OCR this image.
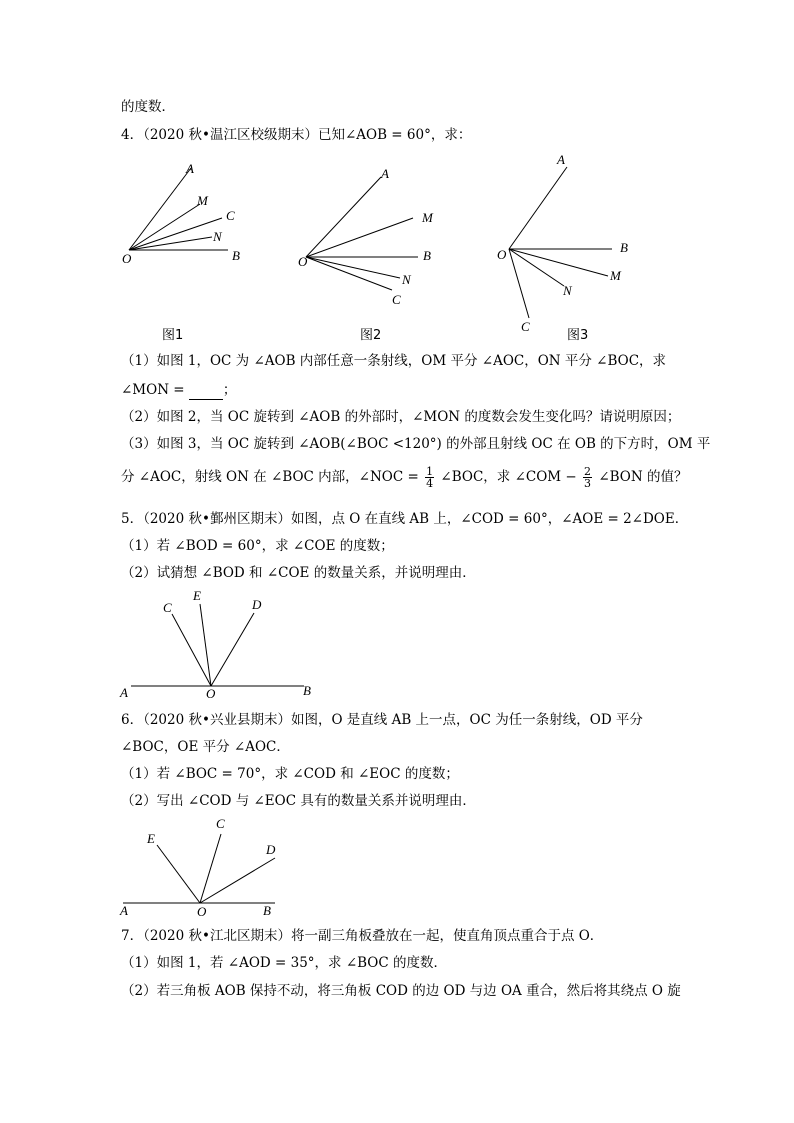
的度数．
4．（2020 秋•温江区校级期末）已知∠AOB = 60°，求：
A
M
C
N
O	B
图1
A
M
B
N
C
O
图2
A
B
M
N
C
O
图3
C
E
D
A	O	B
E
C
D
A	O	B
（1）如图 1，OC 为 ∠AOB 内部任意一条射线，OM 平分 ∠AOC，ON 平分 ∠BOC，求
∠MON =	；
（2）如图 2，当 OC 旋转到 ∠AOB 的外部时，∠MON 的度数会发生变化吗？请说明原因；
（3）如图 3，当 OC 旋转到 ∠AOB(∠BOC <120°) 的外部且射线 OC 在 OB 的下方时，OM 平
分 ∠AOC，射线 ON 在 ∠BOC 内部，∠NOC = $\frac{1}{4}$ ∠BOC，求 ∠COM − $\frac{2}{3}$ ∠BON 的值？
5．（2020 秋•鄞州区期末）如图，点 O 在直线 AB 上，∠COD = 60°，∠AOE = 2∠DOE．
（1）若 ∠BOD = 60°，求 ∠COE 的度数；
（2）试猜想 ∠BOD 和 ∠COE 的数量关系，并说明理由．
6．（2020 秋•兴业县期末）如图，O 是直线 AB 上一点，OC 为任一条射线，OD 平分
∠BOC，OE 平分 ∠AOC．
（1）若 ∠BOC = 70°，求 ∠COD 和 ∠EOC 的度数；
（2）写出 ∠COD 与 ∠EOC 具有的数量关系并说明理由．
7．（2020 秋•江北区期末）将一副三角板叠放在一起，使直角顶点重合于点 O．
（1）如图 1，若 ∠AOD = 35°，求 ∠BOC 的度数．
（2）若三角板 AOB 保持不动，将三角板 COD 的边 OD 与边 OA 重合，然后将其绕点 O 旋
